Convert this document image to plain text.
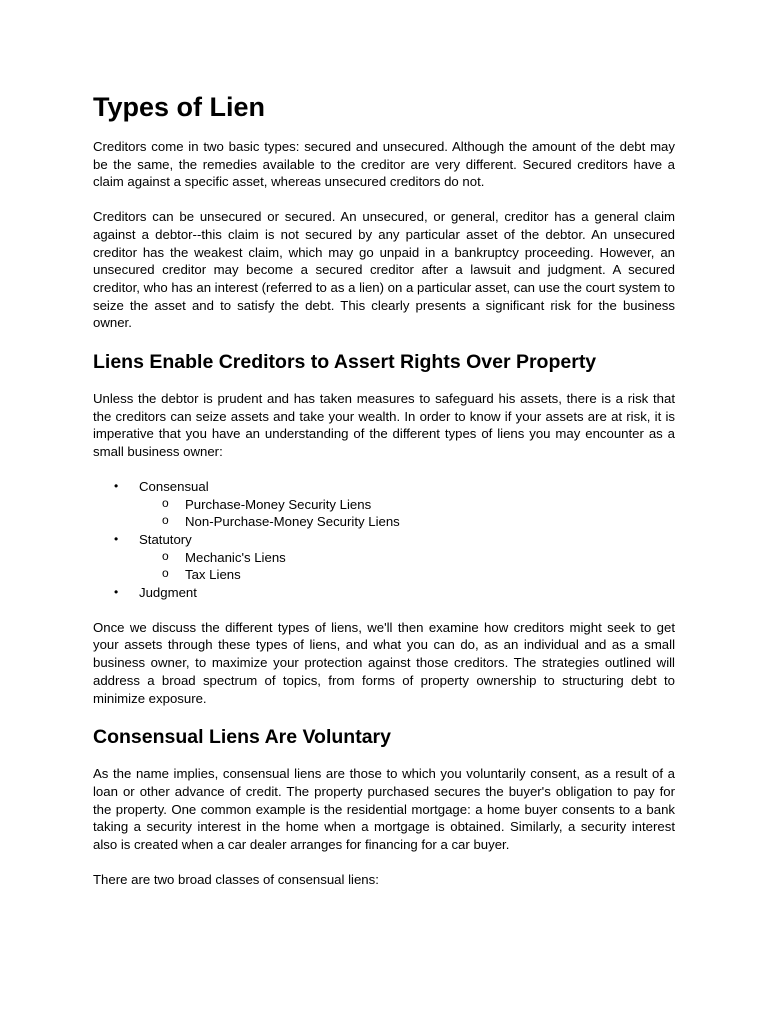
Types of Lien

Creditors come in two basic types: secured and unsecured. Although the amount of the debt may be the same, the remedies available to the creditor are very different. Secured creditors have a claim against a specific asset, whereas unsecured creditors do not.

Creditors can be unsecured or secured. An unsecured, or general, creditor has a general claim against a debtor--this claim is not secured by any particular asset of the debtor. An unsecured creditor has the weakest claim, which may go unpaid in a bankruptcy proceeding. However, an unsecured creditor may become a secured creditor after a lawsuit and judgment. A secured creditor, who has an interest (referred to as a lien) on a particular asset, can use the court system to seize the asset and to satisfy the debt. This clearly presents a significant risk for the business owner.

Liens Enable Creditors to Assert Rights Over Property

Unless the debtor is prudent and has taken measures to safeguard his assets, there is a risk that the creditors can seize assets and take your wealth. In order to know if your assets are at risk, it is imperative that you have an understanding of the different types of liens you may encounter as a small business owner:

• Consensual
o Purchase-Money Security Liens
o Non-Purchase-Money Security Liens
• Statutory
o Mechanic's Liens
o Tax Liens
• Judgment

Once we discuss the different types of liens, we'll then examine how creditors might seek to get your assets through these types of liens, and what you can do, as an individual and as a small business owner, to maximize your protection against those creditors. The strategies outlined will address a broad spectrum of topics, from forms of property ownership to structuring debt to minimize exposure.

Consensual Liens Are Voluntary

As the name implies, consensual liens are those to which you voluntarily consent, as a result of a loan or other advance of credit. The property purchased secures the buyer's obligation to pay for the property. One common example is the residential mortgage: a home buyer consents to a bank taking a security interest in the home when a mortgage is obtained. Similarly, a security interest also is created when a car dealer arranges for financing for a car buyer.

There are two broad classes of consensual liens:
